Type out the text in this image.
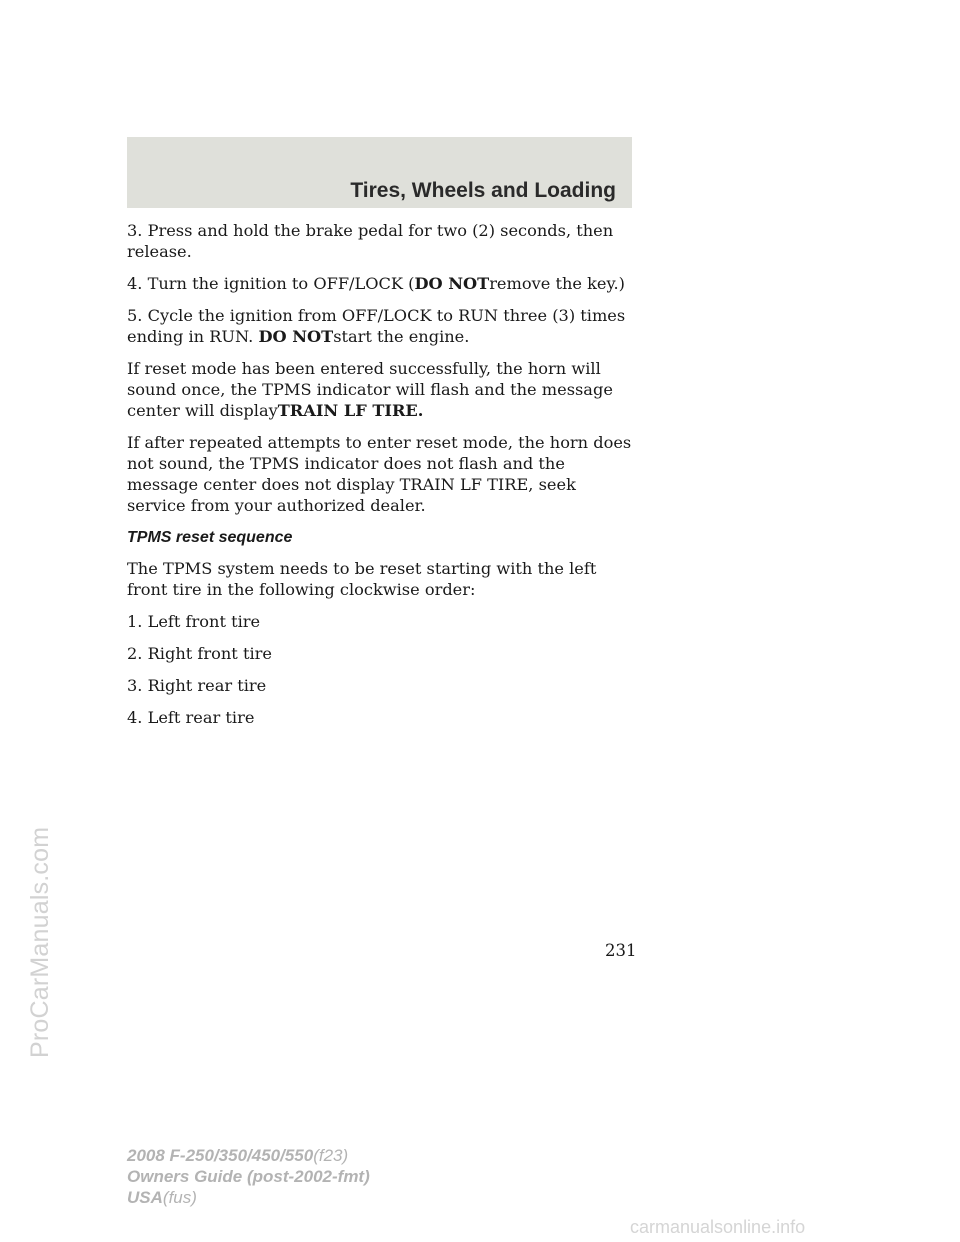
ProCarManuals.com
Tires, Wheels and Loading

3. Press and hold the brake pedal for two (2) seconds, then release.

4. Turn the ignition to OFF/LOCK (DO NOTremove the key.)

5. Cycle the ignition from OFF/LOCK to RUN three (3) times ending in RUN. DO NOTstart the engine.

If reset mode has been entered successfully, the horn will sound once, the TPMS indicator will flash and the message center will displayTRAIN LF TIRE.

If after repeated attempts to enter reset mode, the horn does not sound, the TPMS indicator does not flash and the message center does not display TRAIN LF TIRE, seek service from your authorized dealer.

TPMS reset sequence

The TPMS system needs to be reset starting with the left front tire in the following clockwise order:

1. Left front tire

2. Right front tire

3. Right rear tire

4. Left rear tire

231
2008 F-250/350/450/550(f23)
Owners Guide (post-2002-fmt)
USA(fus)
carmanualsonline.info
